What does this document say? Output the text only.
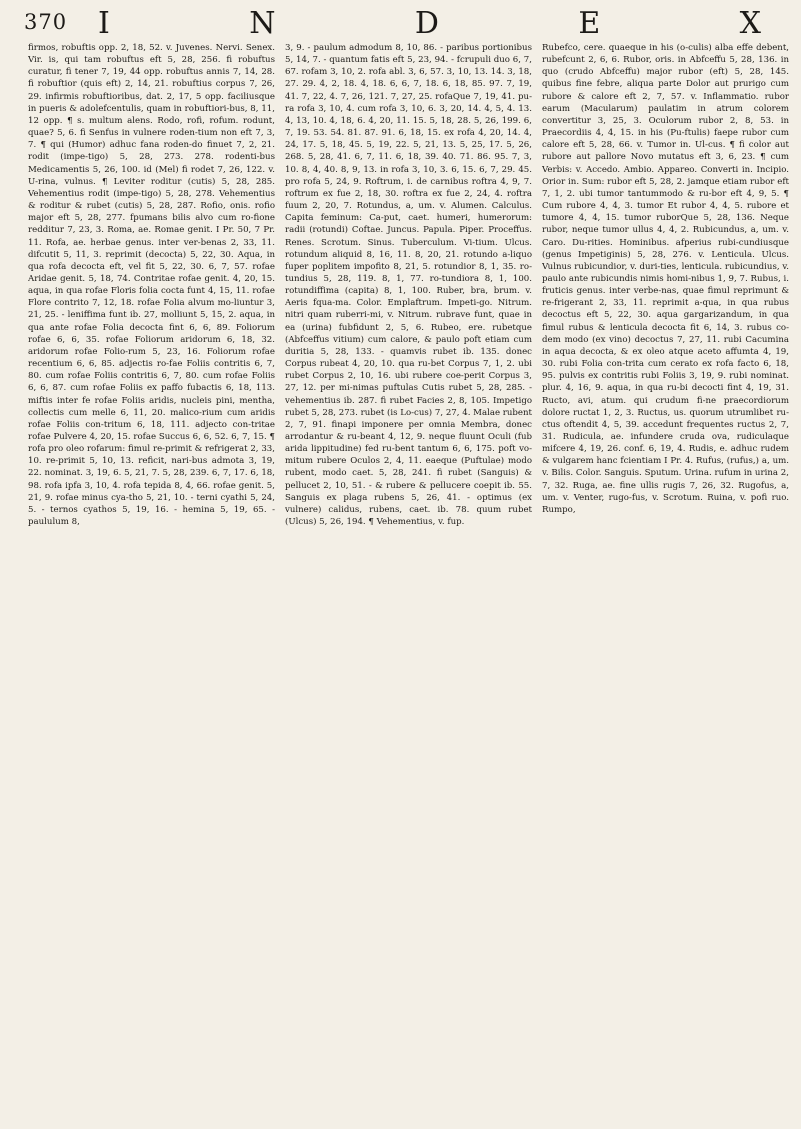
370 I	N	D	E	X

firmos, robuftis opp. 2, 18, 52. v. Juvenes. Nervi. Senex. Vir. is, qui tam robuftus eft 5, 28, 256. fi robuftus curatur, fi tener 7, 19, 44 opp. robuftus annis 7, 14, 28. fi robuftior (quis eft) 2, 14, 21. robuftius corpus 7, 26, 29. infirmis robuftioribus, dat. 2, 17, 5 opp. faciliusque in pueris & adolefcentulis, quam in robuftiori-bus, 8, 11, 12 opp. ¶ s. multum alens. Rodo, rofi, rofum. rodunt, quae? 5, 6. fi Senfus in vulnere roden-tium non eft 7, 3, 7. ¶ qui (Humor) adhuc fana roden-do finuet 7, 2, 21. rodit (impe-tigo) 5, 28, 273. 278. rodenti-bus Medicamentis 5, 26, 100. id (Mel) fi rodet 7, 26, 122. v. U-rina, vulnus. ¶ Leviter roditur (cutis) 5, 28, 285. Vehementius rodit (impe-tigo) 5, 28, 278. Vehementius & roditur & rubet (cutis) 5, 28, 287. Rofio, onis. rofio major eft 5, 28, 277. fpumans bilis alvo cum ro-fione redditur 7, 23, 3. Roma, ae. Romae genit. I Pr. 50, 7 Pr. 11. Rofa, ae. herbae genus. inter ver-benas 2, 33, 11. difcutit 5, 11, 3. reprimit (decocta) 5, 22, 30. Aqua, in qua rofa decocta eft, vel fit 5, 22, 30. 6, 7, 57. rofae Aridae genit. 5, 18, 74. Contritae rofae genit. 4, 20, 15. aqua, in qua rofae Floris folia cocta funt 4, 15, 11. rofae Flore contrito 7, 12, 18. rofae Folia alvum mo-liuntur 3, 21, 25. - leniffima funt ib. 27, molliunt 5, 15, 2. aqua, in qua ante rofae Folia decocta fint 6, 6, 89. Foliorum rofae 6, 6, 35. rofae Foliorum aridorum 6, 18, 32. aridorum rofae Folio-rum 5, 23, 16. Foliorum rofae recentium 6, 6, 85. adjectis ro-fae Foliis contritis 6, 7, 80. cum rofae Foliis contritis 6, 7, 80. cum rofae Foliis 6, 6, 87. cum rofae Foliis ex paffo fubactis 6, 18, 113. miftis inter fe rofae Foliis aridis, nucleis pini, mentha, collectis cum melle 6, 11, 20. malico-rium cum aridis rofae Foliis con-tritum 6, 18, 111. adjecto con-tritae rofae Pulvere 4, 20, 15. rofae Succus 6, 6, 52. 6, 7, 15. ¶ rofa pro oleo rofarum: fimul re-primit & refrigerat 2, 33, 10. re-primit 5, 10, 13. reficit, nari-bus admota 3, 19, 22. nominat. 3, 19, 6. 5, 21, 7. 5, 28, 239. 6, 7, 17. 6, 18, 98. rofa ipfa 3, 10, 4. rofa tepida 8, 4, 66. rofae genit. 5, 21, 9. rofae minus cya-tho 5, 21, 10. - terni cyathi 5, 24, 5. - ternos cyathos 5, 19, 16. - hemina 5, 19, 65. - paululum 8,

3, 9. - paulum admodum 8, 10, 86. - paribus portionibus 5, 14, 7. - quantum fatis eft 5, 23, 94. - fcrupuli duo 6, 7, 67. rofam 3, 10, 2. rofa abl. 3, 6, 57. 3, 10, 13. 14. 3, 18, 27. 29. 4, 2, 18. 4, 18. 6, 6, 7, 18. 6, 18, 85. 97. 7, 19, 41. 7, 22, 4. 7, 26, 121. 7, 27, 25. rofaQue 7, 19, 41. pu-ra rofa 3, 10, 4. cum rofa 3, 10, 6. 3, 20, 14. 4, 5, 4. 13. 4, 13, 10. 4, 18, 6. 4, 20, 11. 15. 5, 18, 28. 5, 26, 199. 6, 7, 19. 53. 54. 81. 87. 91. 6, 18, 15. ex rofa 4, 20, 14. 4, 24, 17. 5, 18, 45. 5, 19, 22. 5, 21, 13. 5, 25, 17. 5, 26, 268. 5, 28, 41. 6, 7, 11. 6, 18, 39. 40. 71. 86. 95. 7, 3, 10. 8, 4, 40. 8, 9, 13. in rofa 3, 10, 3. 6, 15. 6, 7, 29. 45. pro rofa 5, 24, 9. Roftrum, i. de carnibus roftra 4, 9, 7. roftrum ex fue 2, 18, 30. roftra ex fue 2, 24, 4. roftra fuum 2, 20, 7. Rotundus, a, um. v. Alumen. Calculus. Capita feminum: Ca-put, caet. humeri, humerorum: radii (rotundi) Coftae. Juncus. Papula. Piper. Proceffus. Renes. Scrotum. Sinus. Tuberculum. Vi-tium. Ulcus. rotundum aliquid 8, 16, 11. 8, 20, 21. rotundo a-liquo fuper poplitem impofito 8, 21, 5. rotundior 8, 1, 35. ro-tundius 5, 28, 119. 8, 1, 77. ro-tundiora 8, 1, 100. rotundiffima (capita) 8, 1, 100. Ruber, bra, brum. v. Aeris fqua-ma. Color. Emplaftrum. Impeti-go. Nitrum. nitri quam ruberri-mi, v. Nitrum. rubrave funt, quae in ea (urina) fubfidunt 2, 5, 6. Rubeo, ere. rubetque (Abfceffus vitium) cum calore, & paulo poft etiam cum duritia 5, 28, 133. - quamvis rubet ib. 135. donec Corpus rubeat 4, 20, 10. qua ru-bet Corpus 7, 1, 2. ubi rubet Corpus 2, 10, 16. ubi rubere coe-perit Corpus 3, 27, 12. per mi-nimas puftulas Cutis rubet 5, 28, 285. - vehementius ib. 287. fi rubet Facies 2, 8, 105. Impetigo rubet 5, 28, 273. rubet (is Lo-cus) 7, 27, 4. Malae rubent 2, 7, 91. finapi imponere per omnia Membra, donec arrodantur & ru-beant 4, 12, 9. neque fluunt Oculi (fub arida lippitudine) fed ru-bent tantum 6, 6, 175. poft vo-mitum rubere Oculos 2, 4, 11. eaeque (Puftulae) modo rubent, modo caet. 5, 28, 241. fi rubet (Sanguis) & pellucet 2, 10, 51. - & rubere & pellucere coepit ib. 55. Sanguis ex plaga rubens 5, 26, 41. - optimus (ex vulnere) calidus, rubens, caet. ib. 78. quum rubet (Ulcus) 5, 26, 194. ¶ Vehementius, v. fup.

Rubefco, cere. quaeque in his (o-culis) alba effe debent, rubefcunt 2, 6, 6. Rubor, oris. in Abfceffu 5, 28, 136. in quo (crudo Abfceffu) major rubor (eft) 5, 28, 145. quibus fine febre, aliqua parte Dolor aut prurigo cum rubore & calore eft 2, 7, 57. v. Inflammatio. rubor earum (Macularum) paulatim in atrum colorem convertitur 3, 25, 3. Oculorum rubor 2, 8, 53. in Praecordiis 4, 4, 15. in his (Pu-ftulis) faepe rubor cum calore eft 5, 28, 66. v. Tumor in. Ul-cus. ¶ fi color aut rubore aut pallore Novo mutatus eft 3, 6, 23. ¶ cum Verbis: v. Accedo. Ambio. Appareo. Converti in. Incipio. Orior in. Sum: rubor eft 5, 28, 2. jamque etiam rubor eft 7, 1, 2. ubi tumor tantummodo & ru-bor eft 4, 9, 5. ¶ Cum rubore 4, 4, 3. tumor Et rubor 4, 4, 5. rubore et tumore 4, 4, 15. tumor ruborQue 5, 28, 136. Neque rubor, neque tumor ullus 4, 4, 2. Rubicundus, a, um. v. Caro. Du-rities. Hominibus. afperius rubi-cundiusque (genus Impetiginis) 5, 28, 276. v. Lenticula. Ulcus. Vulnus rubicundior, v. duri-ties, lenticula. rubicundius, v. paulo ante rubicundis nimis homi-nibus 1, 9, 7. Rubus, i. fruticis genus. inter verbe-nas, quae fimul reprimunt & re-frigerant 2, 33, 11. reprimit a-qua, in qua rubus decoctus eft 5, 22, 30. aqua gargarizandum, in qua fimul rubus & lenticula decocta fit 6, 14, 3. rubus co-dem modo (ex vino) decoctus 7, 27, 11. rubi Cacumina in aqua decocta, & ex oleo atque aceto affumta 4, 19, 30. rubi Folia con-trita cum cerato ex rofa facto 6, 18, 95. pulvis ex contritis rubi Foliis 3, 19, 9. rubi nominat. plur. 4, 16, 9. aqua, in qua ru-bi decocti fint 4, 19, 31. Ructo, avi, atum. qui crudum fi-ne praecordiorum dolore ructat 1, 2, 3. Ructus, us. quorum utrumlibet ru-ctus oftendit 4, 5, 39. accedunt frequentes ructus 2, 7, 31. Rudicula, ae. infundere cruda ova, rudiculaque mifcere 4, 19, 26. conf. 6, 19, 4. Rudis, e. adhuc rudem & vulgarem hanc fcientiam I Pr. 4. Rufus, (rufus,) a, um. v. Bilis. Color. Sanguis. Sputum. Urina. rufum in urina 2, 7, 32. Ruga, ae. fine ullis rugis 7, 26, 32. Rugofus, a, um. v. Venter, rugo-fus, v. Scrotum. Ruina, v. pofi ruo. Rumpo,
